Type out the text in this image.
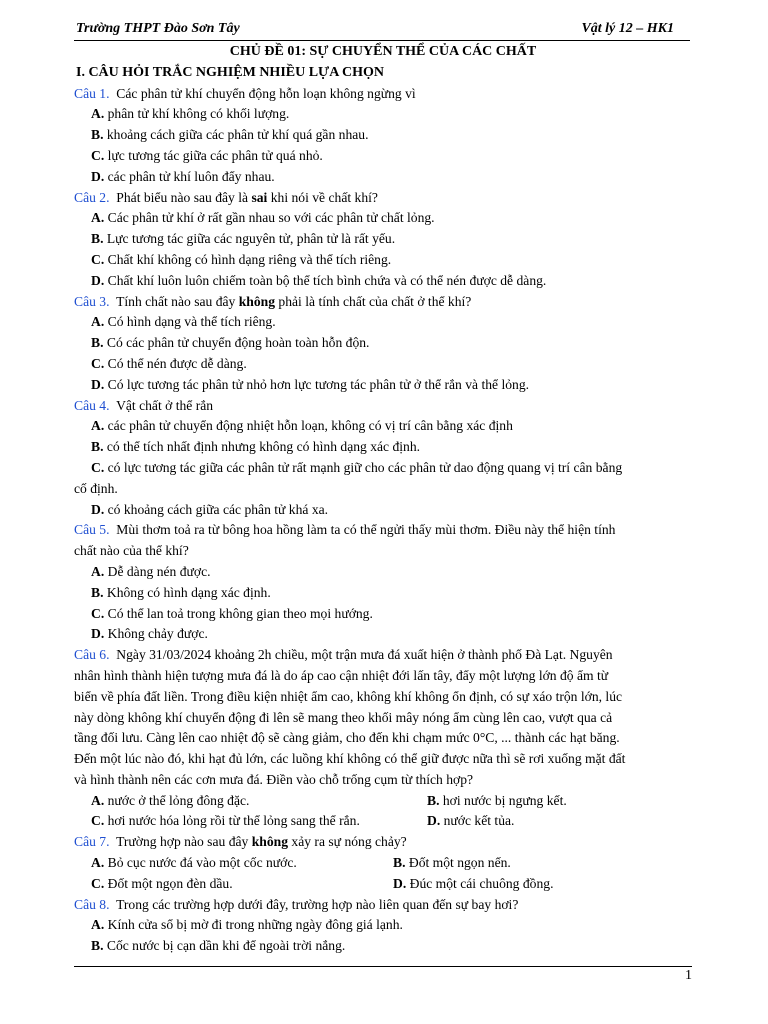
Trường THPT Đào Sơn Tây	Vật lý 12 – HK1
CHỦ ĐỀ 01: SỰ CHUYỂN THỂ CỦA CÁC CHẤT
I. CÂU HỎI TRẮC NGHIỆM NHIỀU LỰA CHỌN
Câu 1. Các phân tử khí chuyển động hỗn loạn không ngừng vì
A. phân tử khí không có khối lượng.
B. khoảng cách giữa các phân tử khí quá gần nhau.
C. lực tương tác giữa các phân tử quá nhỏ.
D. các phân tử khí luôn đẩy nhau.
Câu 2. Phát biểu nào sau đây là sai khi nói về chất khí?
A. Các phân tử khí ở rất gần nhau so với các phân tử chất lỏng.
B. Lực tương tác giữa các nguyên tử, phân tử là rất yếu.
C. Chất khí không có hình dạng riêng và thể tích riêng.
D. Chất khí luôn luôn chiếm toàn bộ thể tích bình chứa và có thể nén được dễ dàng.
Câu 3. Tính chất nào sau đây không phải là tính chất của chất ở thể khí?
A. Có hình dạng và thể tích riêng.
B. Có các phân tử chuyển động hoàn toàn hỗn độn.
C. Có thể nén được dễ dàng.
D. Có lực tương tác phân tử nhỏ hơn lực tương tác phân tử ở thể rắn và thể lỏng.
Câu 4. Vật chất ở thể rắn
A. các phân tử chuyển động nhiệt hỗn loạn, không có vị trí cân bằng xác định
B. có thể tích nhất định nhưng không có hình dạng xác định.
C. có lực tương tác giữa các phân tử rất mạnh giữ cho các phân tử dao động quang vị trí cân bằng
cố định.
D. có khoảng cách giữa các phân tử khá xa.
Câu 5. Mùi thơm toả ra từ bông hoa hồng làm ta có thể ngửi thấy mùi thơm. Điều này thể hiện tính
chất nào của thể khí?
A. Dễ dàng nén được.
B. Không có hình dạng xác định.
C. Có thể lan toả trong không gian theo mọi hướng.
D. Không chảy được.
Câu 6. Ngày 31/03/2024 khoảng 2h chiều, một trận mưa đá xuất hiện ở thành phố Đà Lạt. Nguyên
nhân hình thành hiện tượng mưa đá là do áp cao cận nhiệt đới lấn tây, đẩy một lượng lớn độ ẩm từ
biển về phía đất liền. Trong điều kiện nhiệt ẩm cao, không khí không ổn định, có sự xáo trộn lớn, lúc
này dòng không khí chuyển động đi lên sẽ mang theo khối mây nóng ẩm cùng lên cao, vượt qua cả
tầng đối lưu. Càng lên cao nhiệt độ sẽ càng giảm, cho đến khi chạm mức 0°C, ... thành các hạt băng.
Đến một lúc nào đó, khi hạt đủ lớn, các luồng khí không có thể giữ được nữa thì sẽ rơi xuống mặt đất
và hình thành nên các cơn mưa đá. Điền vào chỗ trống cụm từ thích hợp?
A. nước ở thể lỏng đông đặc.	B. hơi nước bị ngưng kết.
C. hơi nước hóa lỏng rồi từ thể lỏng sang thể rắn.	D. nước kết tủa.
Câu 7. Trường hợp nào sau đây không xảy ra sự nóng chảy?
A. Bỏ cục nước đá vào một cốc nước.	B. Đốt một ngọn nến.
C. Đốt một ngọn đèn dầu.	D. Đúc một cái chuông đồng.
Câu 8. Trong các trường hợp dưới đây, trường hợp nào liên quan đến sự bay hơi?
A. Kính cửa sổ bị mờ đi trong những ngày đông giá lạnh.
B. Cốc nước bị cạn dần khi để ngoài trời nắng.
1
